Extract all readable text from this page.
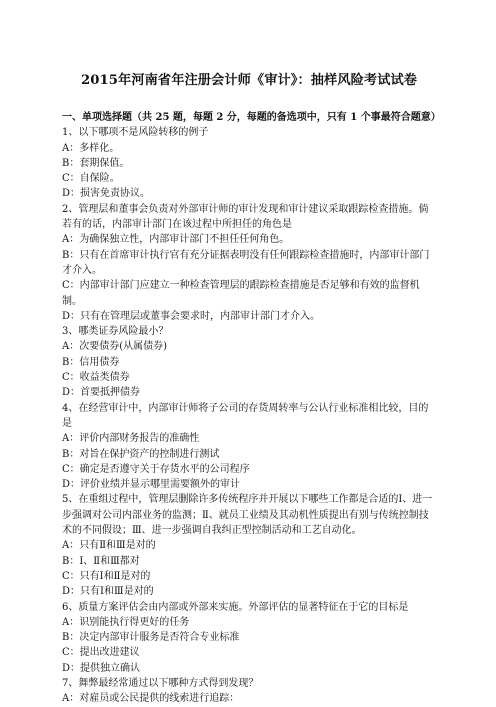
2015年河南省年注册会计师《审计》：抽样风险考试试卷
一、单项选择题（共 25 题，每题 2 分，每题的备选项中，只有 1 个事最符合题意）
1、以下哪项不是风险转移的例子
A：多样化。
B：套期保值。
C：自保险。
D：损害免责协议。
2、管理层和董事会负责对外部审计师的审计发现和审计建议采取跟踪检查措施。倘若有的话，内部审计部门在该过程中所担任的角色是
A：为确保独立性，内部审计部门不担任任何角色。
B：只有在首席审计执行官有充分证据表明没有任何跟踪检查措施时，内部审计部门才介入。
C：内部审计部门应建立一种检查管理层的跟踪检查措施是否足够和有效的监督机制。
D：只有在管理层或董事会要求时，内部审计部门才介入。
3、哪类证券风险最小？
A：次要债券(从属债券)
B：信用债券
C：收益类债券
D：首要抵押债券
4、在经营审计中，内部审计师将子公司的存货周转率与公认行业标准相比较，目的是
A：评价内部财务报告的准确性
B：对旨在保护资产的控制进行测试
C：确定是否遵守关于存货水平的公司程序
D：评价业绩并显示哪里需要额外的审计
5、在重组过程中，管理层删除许多传统程序并开展以下哪些工作都是合适的Ⅰ、进一步强调对公司内部业务的监测；Ⅱ、就员工业绩及其动机性质提出有别与传统控制技术的不同假设；Ⅲ、进一步强调自我纠正型控制活动和工艺自动化。
A：只有Ⅱ和Ⅲ是对的
B：Ⅰ、Ⅱ和Ⅲ都对
C：只有Ⅰ和Ⅱ是对的
D：只有Ⅰ和Ⅲ是对的
6、质量方案评估会由内部或外部来实施。外部评估的显著特征在于它的目标是
A：识别能执行得更好的任务
B：决定内部审计服务是否符合专业标准
C：提出改进建议
D：提供独立确认
7、舞弊最经常通过以下哪种方式得到发现？
A：对雇员或公民提供的线索进行追踪：
